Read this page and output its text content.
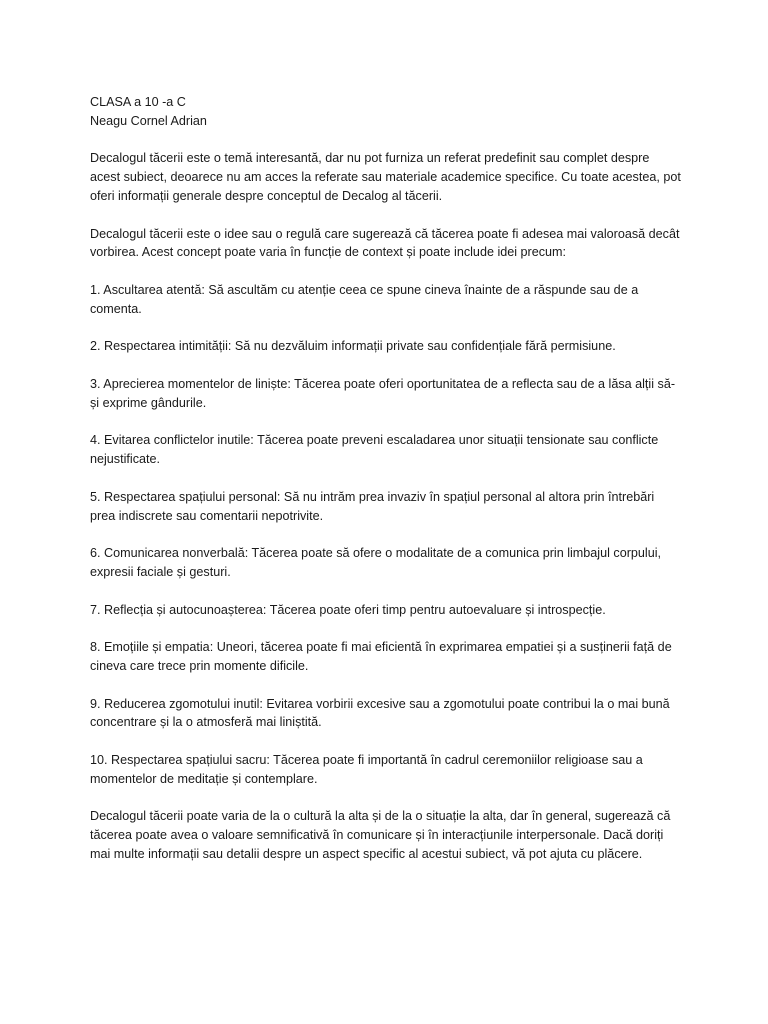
CLASA a 10 -a C

Neagu Cornel Adrian

Decalogul tăcerii este o temă interesantă, dar nu pot furniza un referat predefinit sau complet despre
acest subiect, deoarece nu am acces la referate sau materiale academice specifice. Cu toate acestea, pot
oferi informații generale despre conceptul de Decalog al tăcerii.

Decalogul tăcerii este o idee sau o regulă care sugerează că tăcerea poate fi adesea mai valoroasă decât
vorbirea. Acest concept poate varia în funcție de context și poate include idei precum:

1. Ascultarea atentă: Să ascultăm cu atenție ceea ce spune cineva înainte de a răspunde sau de a
comenta.
2. Respectarea intimității: Să nu dezvăluim informații private sau confidențiale fără permisiune.
3. Aprecierea momentelor de liniște: Tăcerea poate oferi oportunitatea de a reflecta sau de a lăsa alții să-
și exprime gândurile.
4. Evitarea conflictelor inutile: Tăcerea poate preveni escaladarea unor situații tensionate sau conflicte
nejustificate.
5. Respectarea spațiului personal: Să nu intrăm prea invaziv în spațiul personal al altora prin întrebări
prea indiscrete sau comentarii nepotrivite.
6. Comunicarea nonverbală: Tăcerea poate să ofere o modalitate de a comunica prin limbajul corpului,
expresii faciale și gesturi.
7. Reflecția și autocunoașterea: Tăcerea poate oferi timp pentru autoevaluare și introspecție.
8. Emoțiile și empatia: Uneori, tăcerea poate fi mai eficientă în exprimarea empatiei și a susținerii față de
cineva care trece prin momente dificile.
9. Reducerea zgomotului inutil: Evitarea vorbirii excesive sau a zgomotului poate contribui la o mai bună
concentrare și la o atmosferă mai liniștită.
10. Respectarea spațiului sacru: Tăcerea poate fi importantă în cadrul ceremoniilor religioase sau a
momentelor de meditație și contemplare.

Decalogul tăcerii poate varia de la o cultură la alta și de la o situație la alta, dar în general, sugerează că
tăcerea poate avea o valoare semnificativă în comunicare și în interacțiunile interpersonale. Dacă doriți
mai multe informații sau detalii despre un aspect specific al acestui subiect, vă pot ajuta cu plăcere.
